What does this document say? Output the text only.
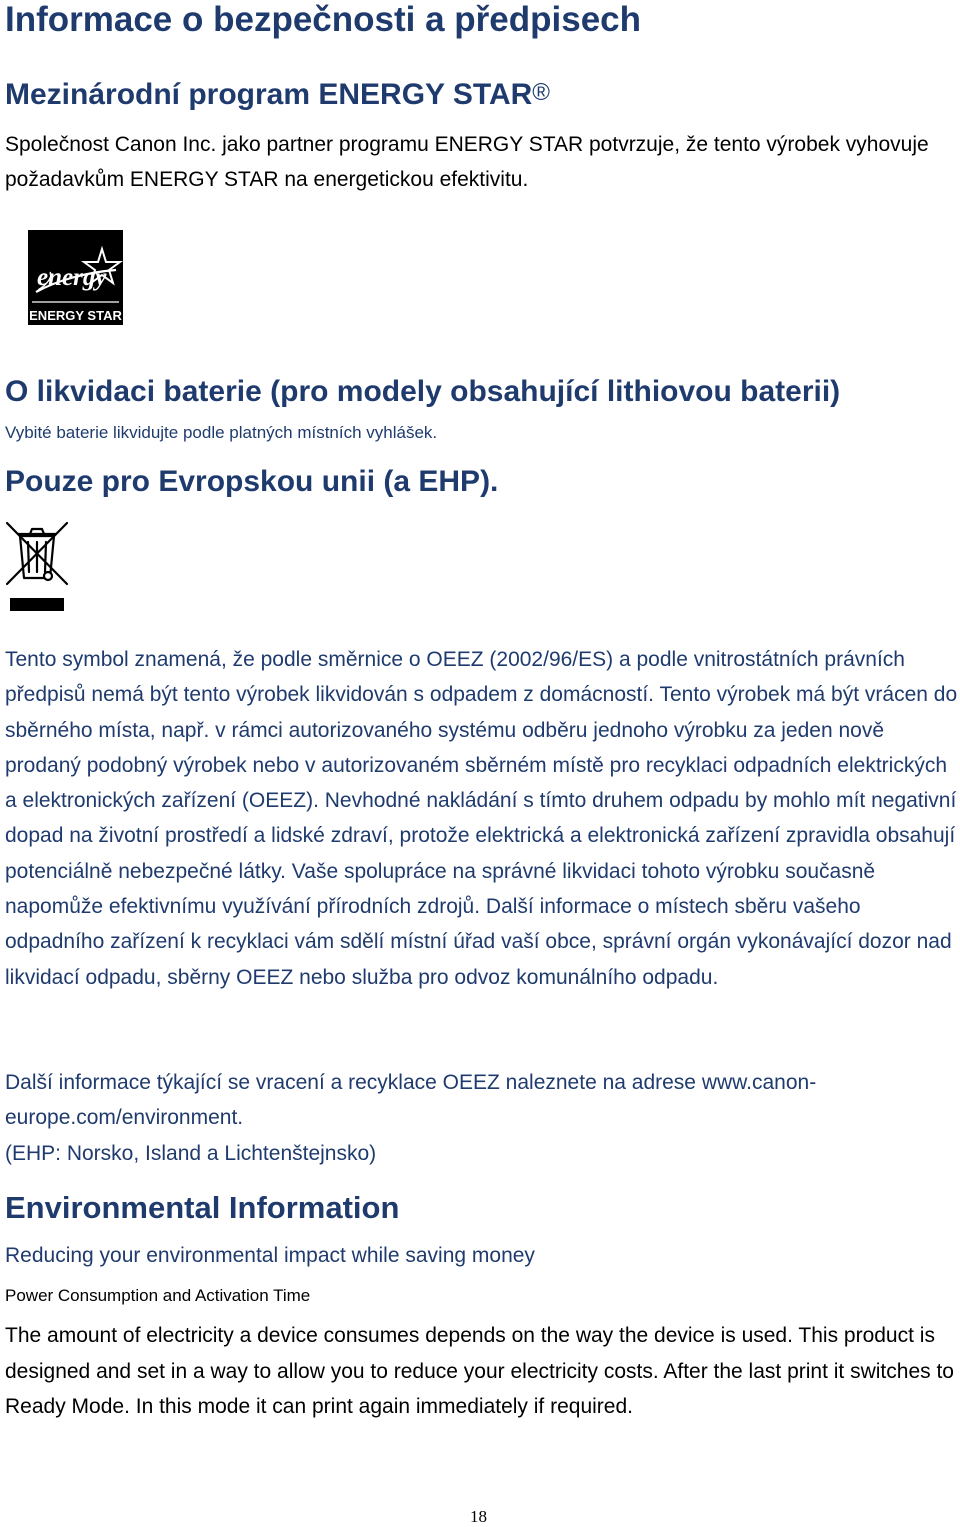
Informace o bezpečnosti a předpisech
Mezinárodní program ENERGY STAR®

Společnost Canon Inc. jako partner programu ENERGY STAR potvrzuje, že tento výrobek vyhovuje požadavkům ENERGY STAR na energetickou efektivitu.

energy
ENERGY STAR
O likvidaci baterie (pro modely obsahující lithiovou baterii)

Vybité baterie likvidujte podle platných místních vyhlášek.

Pouze pro Evropskou unii (a EHP).

Tento symbol znamená, že podle směrnice o OEEZ (2002/96/ES) a podle vnitrostátních právních předpisů nemá být tento výrobek likvidován s odpadem z domácností. Tento výrobek má být vrácen do sběrného místa, např. v rámci autorizovaného systému odběru jednoho výrobku za jeden nově prodaný podobný výrobek nebo v autorizovaném sběrném místě pro recyklaci odpadních elektrických a elektronických zařízení (OEEZ). Nevhodné nakládání s tímto druhem odpadu by mohlo mít negativní dopad na životní prostředí a lidské zdraví, protože elektrická a elektronická zařízení zpravidla obsahují potenciálně nebezpečné látky. Vaše spolupráce na správné likvidaci tohoto výrobku současně napomůže efektivnímu využívání přírodních zdrojů. Další informace o místech sběru vašeho odpadního zařízení k recyklaci vám sdělí místní úřad vaší obce, správní orgán vykonávající dozor nad likvidací odpadu, sběrny OEEZ nebo služba pro odvoz komunálního odpadu.

Další informace týkající se vracení a recyklace OEEZ naleznete na adrese www.canon-europe.com/environment.

(EHP: Norsko, Island a Lichtenštejnsko)

Environmental Information

Reducing your environmental impact while saving money

Power Consumption and Activation Time

The amount of electricity a device consumes depends on the way the device is used. This product is designed and set in a way to allow you to reduce your electricity costs. After the last print it switches to Ready Mode. In this mode it can print again immediately if required.

18
